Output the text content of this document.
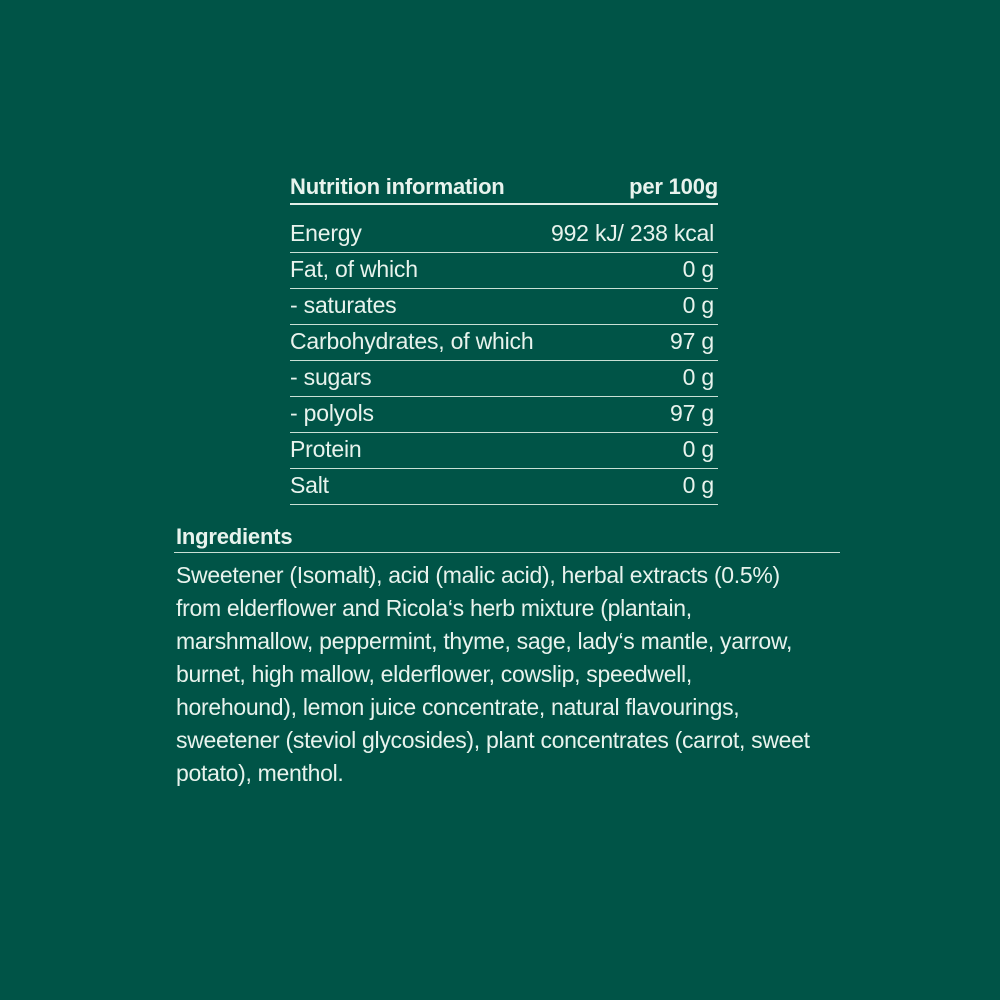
Nutrition information	per 100g
Energy	992 kJ/ 238 kcal
Fat, of which	0 g
- saturates	0 g
Carbohydrates, of which	97 g
- sugars	0 g
- polyols	97 g
Protein	0 g
Salt	0 g
Ingredients
Sweetener (Isomalt), acid (malic acid), herbal extracts (0.5%)
from elderflower and Ricola‘s herb mixture (plantain,
marshmallow, peppermint, thyme, sage, lady‘s mantle, yarrow,
burnet, high mallow, elderflower, cowslip, speedwell,
horehound), lemon juice concentrate, natural flavourings,
sweetener (steviol glycosides), plant concentrates (carrot, sweet
potato), menthol.
